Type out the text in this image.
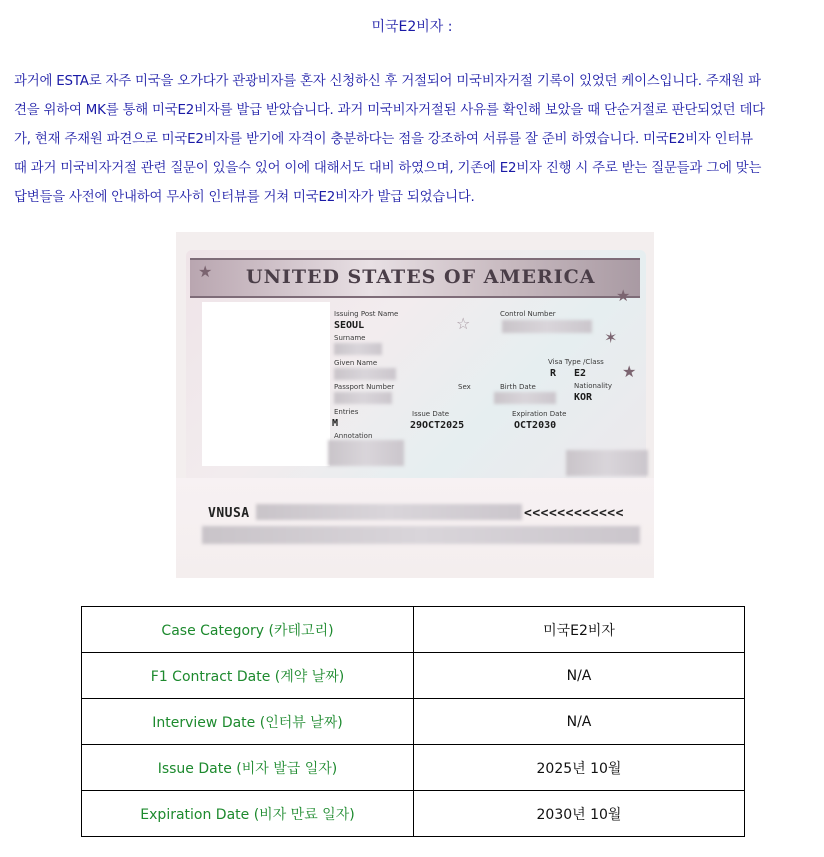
미국E2비자 :
과거에 ESTA로 자주 미국을 오가다가 관광비자를 혼자 신청하신 후 거절되어 미국비자거절 기록이 있었던 케이스입니다. 주재원 파
견을 위하여 MK를 통해 미국E2비자를 발급 받았습니다. 과거 미국비자거절된 사유를 확인해 보았을 때 단순거절로 판단되었던 데다
가, 현재 주재원 파견으로 미국E2비자를 받기에 자격이 충분하다는 점을 강조하여 서류를 잘 준비 하였습니다. 미국E2비자 인터뷰
때 과거 미국비자거절 관련 질문이 있을수 있어 이에 대해서도 대비 하였으며, 기존에 E2비자 진행 시 주로 받는 질문들과 그에 맞는
답변들을 사전에 안내하여 무사히 인터뷰를 거쳐 미국E2비자가 발급 되었습니다.
UNITED STATES OF AMERICA
★
★
✶
☆
★
Issuing Post Name
SEOUL
Surname
Given Name
Passport Number	Sex	Birth Date
Control Number
Visa Type /Class
R E2
Nationality
KOR
Entries
M
Issue Date
29OCT2025
Expiration Date
OCT2030
Annotation
VNUSA	<<<<<<<<<<<<
Case Category (카테고리)	미국E2비자
F1 Contract Date (계약 날짜)	N/A
Interview Date (인터뷰 날짜)	N/A
Issue Date (비자 발급 일자)	2025년 10월
Expiration Date (비자 만료 일자)	2030년 10월
